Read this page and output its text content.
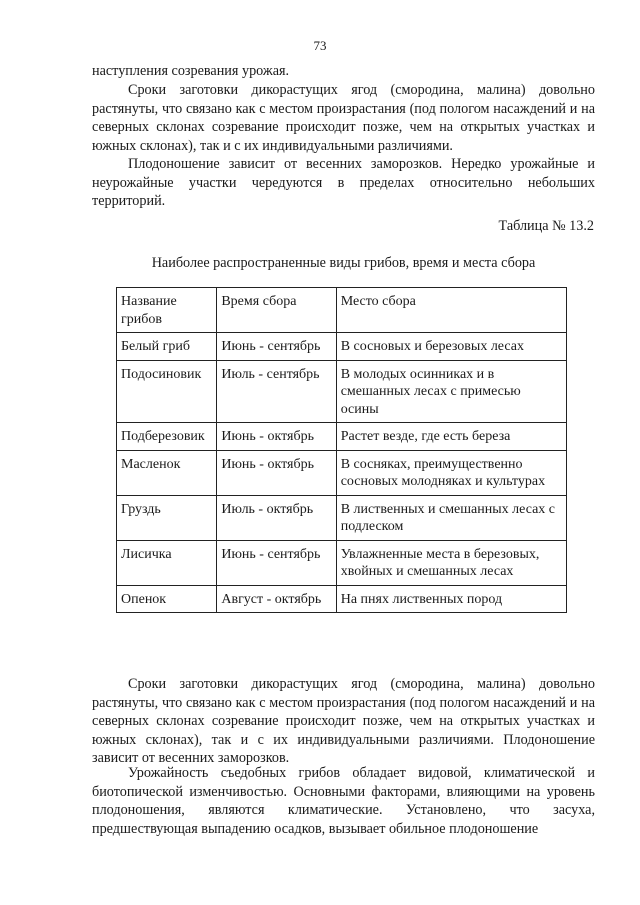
73

наступления созревания урожая.

Сроки заготовки дикорастущих ягод (смородина, малина) довольно растянуты, что связано как с местом произрастания (под пологом насаждений и на северных склонах созревание происходит позже, чем на открытых участках и южных склонах), так и с их индивидуальными различиями.

Плодоношение зависит от весенних заморозков. Нередко урожайные и неурожайные участки чередуются в пределах относительно небольших территорий.

Таблица № 13.2
Наиболее распространенные виды грибов, время и места сбора
Название грибов	Время сбора	Место сбора
Белый гриб	Июнь - сентябрь	В сосновых и березовых лесах
Подосиновик	Июль - сентябрь	В молодых осинниках и в смешанных лесах с примесью осины
Подберезовик	Июнь - октябрь	Растет везде, где есть береза
Масленок	Июнь - октябрь	В сосняках, преимущественно сосновых молодняках и культурах
Груздь	Июль - октябрь	В лиственных и смешанных лесах с подлеском
Лисичка	Июнь - сентябрь	Увлажненные места в березовых, хвойных и смешанных лесах
Опенок	Август - октябрь	На пнях лиственных пород

Сроки заготовки дикорастущих ягод (смородина, малина) довольно растянуты, что связано как с местом произрастания (под пологом насаждений и на северных склонах созревание происходит позже, чем на открытых участках и южных склонах), так и с их индивидуальными различиями. Плодоношение зависит от весенних заморозков.

Урожайность съедобных грибов обладает видовой, климатической и биотопической изменчивостью. Основными факторами, влияющими на уровень плодоношения, являются климатические. Установлено, что засуха, предшествующая выпадению осадков, вызывает обильное плодоношение
